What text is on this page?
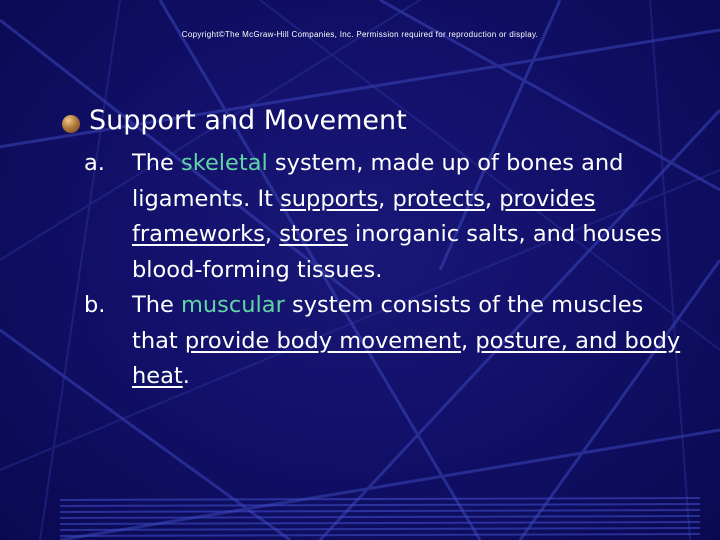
Copyright©The McGraw-Hill Companies, Inc. Permission required for reproduction or display.
Support and Movement
a. The skeletal system, made up of bones and ligaments. It supports, protects, provides frameworks, stores inorganic salts, and houses blood-forming tissues.
b. The muscular system consists of the muscles that provide body movement, posture, and body heat.
